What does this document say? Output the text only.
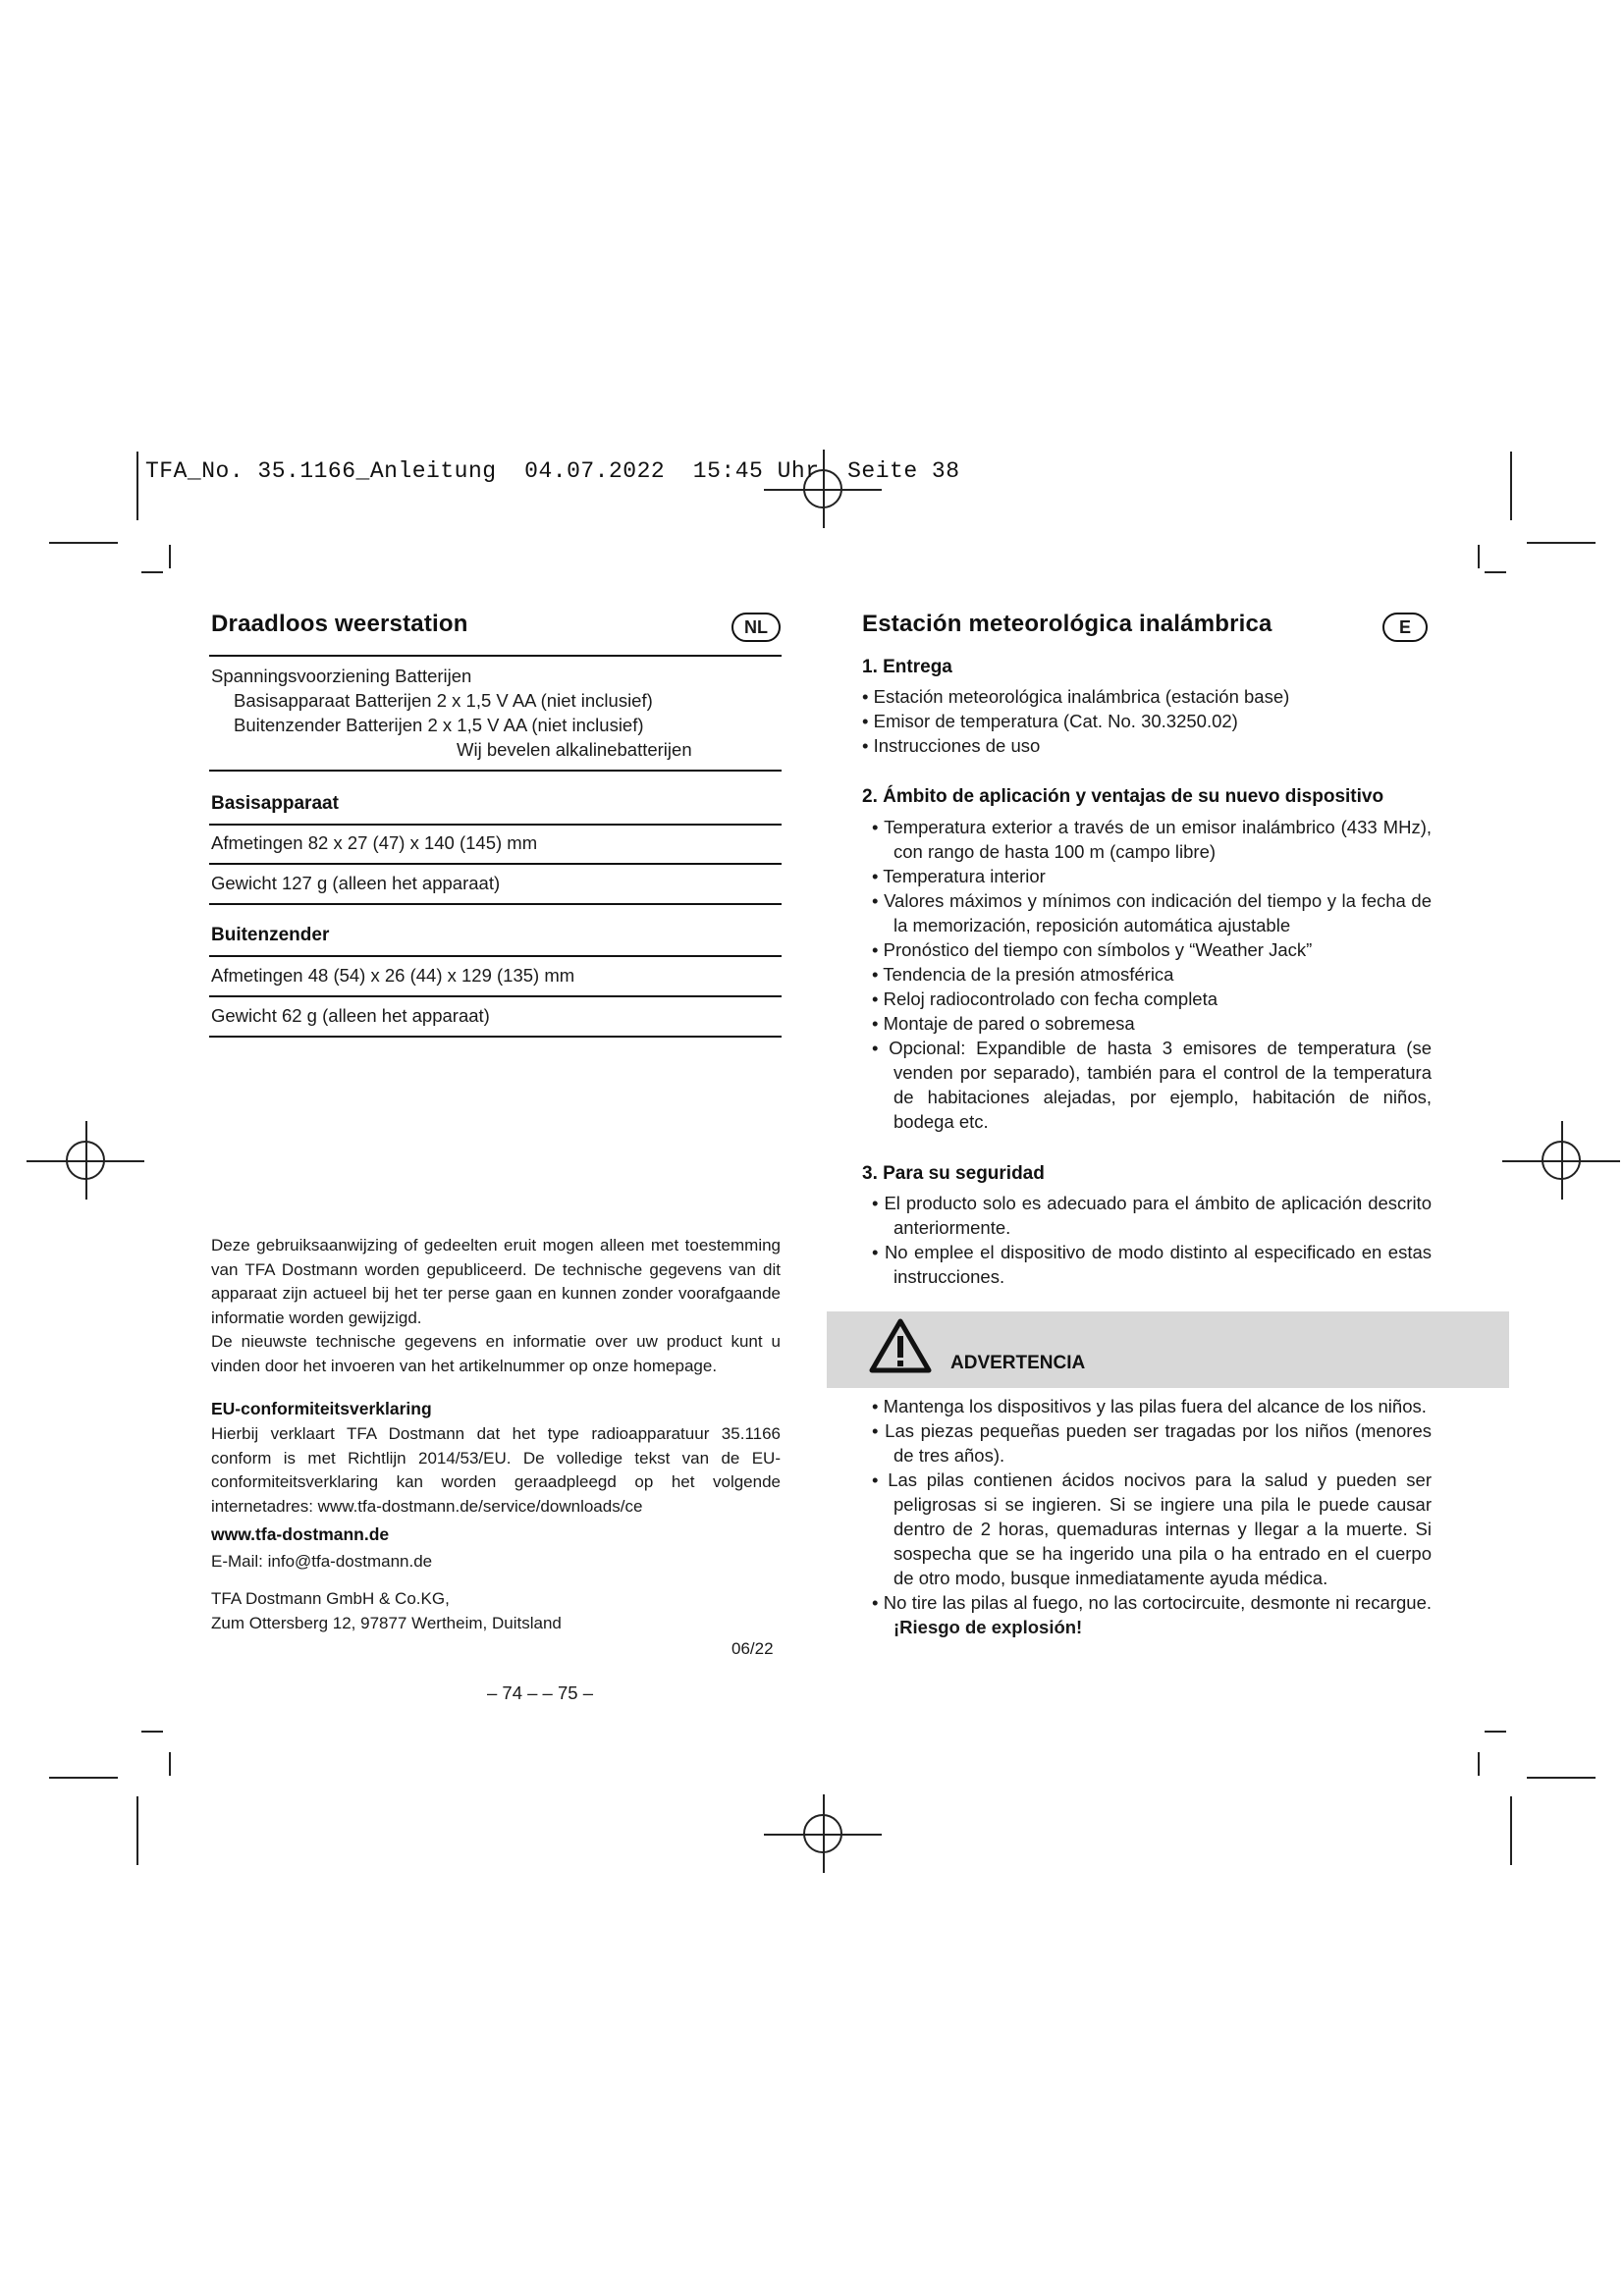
TFA_No. 35.1166_Anleitung  04.07.2022  15:45 Uhr  Seite 38
Draadloos weerstation	NL
Spanningsvoorziening Batterijen
Basisapparaat Batterijen 2 x 1,5 V AA (niet inclusief)
Buitenzender Batterijen 2 x 1,5 V AA (niet inclusief)
Wij bevelen alkalinebatterijen
Basisapparaat
Afmetingen 82 x 27 (47) x 140 (145) mm
Gewicht 127 g (alleen het apparaat)
Buitenzender
Afmetingen 48 (54) x 26 (44) x 129 (135) mm
Gewicht 62 g (alleen het apparaat)
Deze gebruiksaanwijzing of gedeelten eruit mogen alleen met toestemming van TFA Dostmann worden gepubliceerd. De technische gegevens van dit apparaat zijn actueel bij het ter perse gaan en kunnen zonder voorafgaande informatie worden gewijzigd.
De nieuwste technische gegevens en informatie over uw product kunt u vinden door het invoeren van het artikelnummer op onze homepage.
EU-conformiteitsverklaring
Hierbij verklaart TFA Dostmann dat het type radioapparatuur 35.1166 conform is met Richtlijn 2014/53/EU. De volledige tekst van de EU-conformiteitsverklaring kan worden geraadpleegd op het volgende internetadres: www.tfa-dostmann.de/service/downloads/ce
www.tfa-dostmann.de
E-Mail: info@tfa-dostmann.de
TFA Dostmann GmbH & Co.KG,
Zum Ottersberg 12, 97877 Wertheim, Duitsland
06/22
– 74 – – 75 –
Estación meteorológica inalámbrica	E
1. Entrega
• Estación meteorológica inalámbrica (estación base)
• Emisor de temperatura (Cat. No. 30.3250.02)
• Instrucciones de uso
2. Ámbito de aplicación y ventajas de su nuevo dispositivo
• Temperatura exterior a través de un emisor inalámbrico (433 MHz), con rango de hasta 100 m (campo libre)
• Temperatura interior
• Valores máximos y mínimos con indicación del tiempo y la fecha de la memorización, reposición automática ajustable
• Pronóstico del tiempo con símbolos y “Weather Jack”
• Tendencia de la presión atmosférica
• Reloj radiocontrolado con fecha completa
• Montaje de pared o sobremesa
• Opcional: Expandible de hasta 3 emisores de temperatura (se venden por separado), también para el control de la temperatura de habitaciones alejadas, por ejemplo, habitación de niños, bodega etc.
3. Para su seguridad
• El producto solo es adecuado para el ámbito de aplicación descrito anteriormente.
• No emplee el dispositivo de modo distinto al especificado en estas instrucciones.
ADVERTENCIA
• Mantenga los dispositivos y las pilas fuera del alcance de los niños.
• Las piezas pequeñas pueden ser tragadas por los niños (menores de tres años).
• Las pilas contienen ácidos nocivos para la salud y pueden ser peligrosas si se ingieren. Si se ingiere una pila le puede causar dentro de 2 horas, quemaduras internas y llegar a la muerte. Si sospecha que se ha ingerido una pila o ha entrado en el cuerpo de otro modo, busque inmediatamente ayuda médica.
• No tire las pilas al fuego, no las cortocircuite, desmonte ni recargue. ¡Riesgo de explosión!
